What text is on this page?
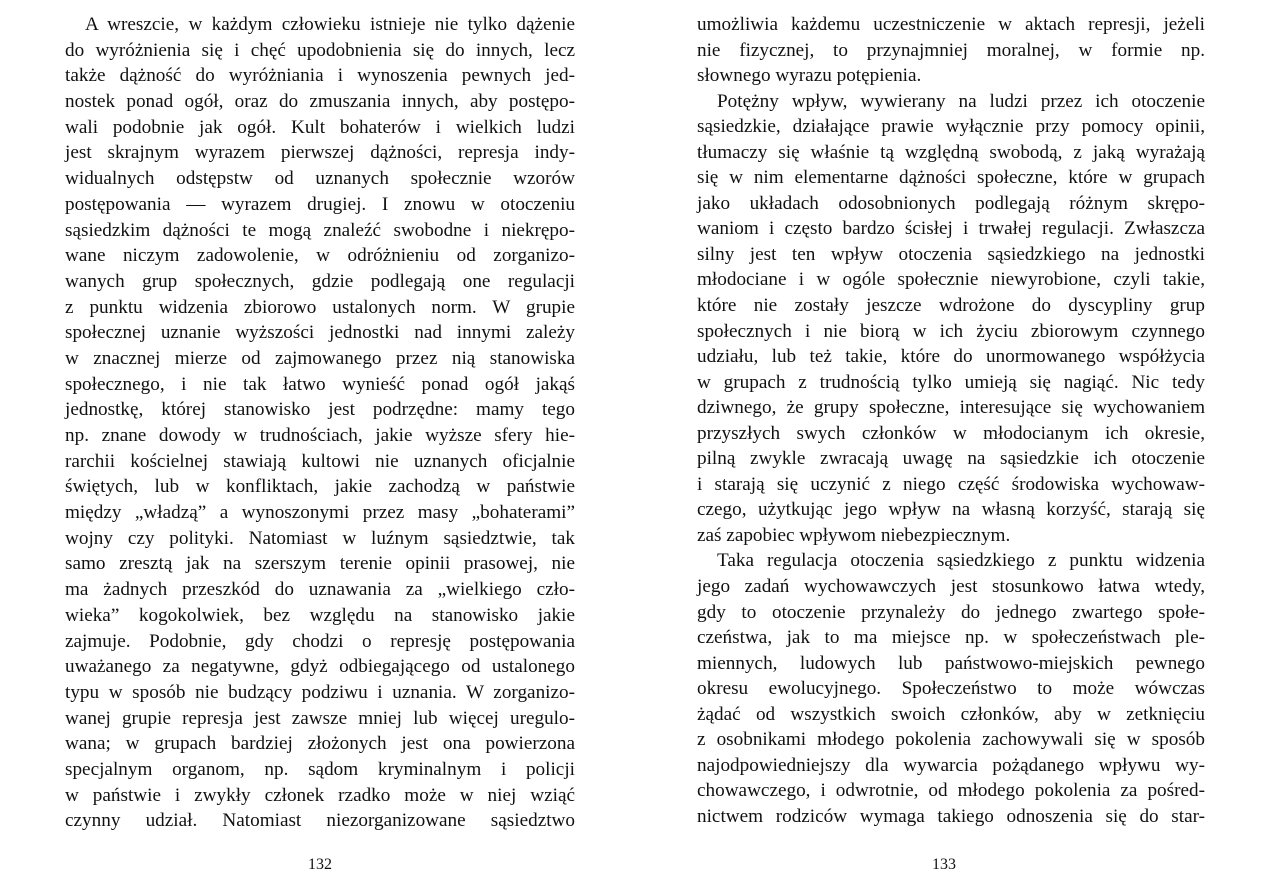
A wreszcie, w każdym człowieku istnieje nie tylko dążenie
do wyróżnienia się i chęć upodobnienia się do innych, lecz
także dążność do wyróżniania i wynoszenia pewnych jed-
nostek ponad ogół, oraz do zmuszania innych, aby postępo-
wali podobnie jak ogół. Kult bohaterów i wielkich ludzi
jest skrajnym wyrazem pierwszej dążności, represja indy-
widualnych odstępstw od uznanych społecznie wzorów
postępowania — wyrazem drugiej. I znowu w otoczeniu
sąsiedzkim dążności te mogą znaleźć swobodne i niekrępo-
wane niczym zadowolenie, w odróżnieniu od zorganizo-
wanych grup społecznych, gdzie podlegają one regulacji
z punktu widzenia zbiorowo ustalonych norm. W grupie
społecznej uznanie wyższości jednostki nad innymi zależy
w znacznej mierze od zajmowanego przez nią stanowiska
społecznego, i nie tak łatwo wynieść ponad ogół jakąś
jednostkę, której stanowisko jest podrzędne: mamy tego
np. znane dowody w trudnościach, jakie wyższe sfery hie-
rarchii kościelnej stawiają kultowi nie uznanych oficjalnie
świętych, lub w konfliktach, jakie zachodzą w państwie
między „władzą” a wynoszonymi przez masy „bohaterami”
wojny czy polityki. Natomiast w luźnym sąsiedztwie, tak
samo zresztą jak na szerszym terenie opinii prasowej, nie
ma żadnych przeszkód do uznawania za „wielkiego czło-
wieka” kogokolwiek, bez względu na stanowisko jakie
zajmuje. Podobnie, gdy chodzi o represję postępowania
uważanego za negatywne, gdyż odbiegającego od ustalonego
typu w sposób nie budzący podziwu i uznania. W zorganizo-
wanej grupie represja jest zawsze mniej lub więcej uregulo-
wana; w grupach bardziej złożonych jest ona powierzona
specjalnym organom, np. sądom kryminalnym i policji
w państwie i zwykły członek rzadko może w niej wziąć
czynny udział. Natomiast niezorganizowane sąsiedztwo
umożliwia każdemu uczestniczenie w aktach represji, jeżeli
nie fizycznej, to przynajmniej moralnej, w formie np.
słownego wyrazu potępienia.
Potężny wpływ, wywierany na ludzi przez ich otoczenie
sąsiedzkie, działające prawie wyłącznie przy pomocy opinii,
tłumaczy się właśnie tą względną swobodą, z jaką wyrażają
się w nim elementarne dążności społeczne, które w grupach
jako układach odosobnionych podlegają różnym skrępo-
waniom i często bardzo ścisłej i trwałej regulacji. Zwłaszcza
silny jest ten wpływ otoczenia sąsiedzkiego na jednostki
młodociane i w ogóle społecznie niewyrobione, czyli takie,
które nie zostały jeszcze wdrożone do dyscypliny grup
społecznych i nie biorą w ich życiu zbiorowym czynnego
udziału, lub też takie, które do unormowanego współżycia
w grupach z trudnością tylko umieją się nagiąć. Nic tedy
dziwnego, że grupy społeczne, interesujące się wychowaniem
przyszłych swych członków w młodocianym ich okresie,
pilną zwykle zwracają uwagę na sąsiedzkie ich otoczenie
i starają się uczynić z niego część środowiska wychowaw-
czego, użytkując jego wpływ na własną korzyść, starają się
zaś zapobiec wpływom niebezpiecznym.
Taka regulacja otoczenia sąsiedzkiego z punktu widzenia
jego zadań wychowawczych jest stosunkowo łatwa wtedy,
gdy to otoczenie przynależy do jednego zwartego społe-
czeństwa, jak to ma miejsce np. w społeczeństwach ple-
miennych, ludowych lub państwowo-miejskich pewnego
okresu ewolucyjnego. Społeczeństwo to może wówczas
żądać od wszystkich swoich członków, aby w zetknięciu
z osobnikami młodego pokolenia zachowywali się w sposób
najodpowiedniejszy dla wywarcia pożądanego wpływu wy-
chowawczego, i odwrotnie, od młodego pokolenia za pośred-
nictwem rodziców wymaga takiego odnoszenia się do star-
132	133
